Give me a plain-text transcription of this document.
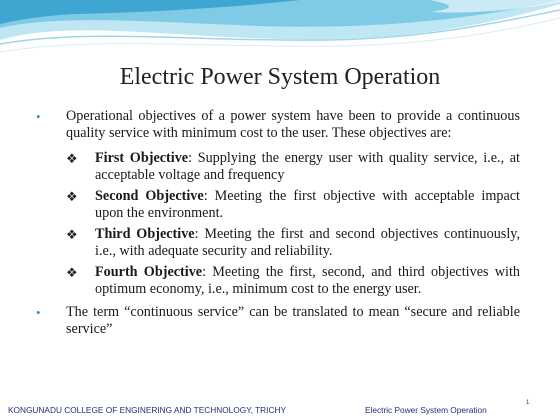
Electric Power System Operation
•	Operational objectives of a power system have been to provide a continuous quality service with minimum cost to the user. These objectives are:
❖	First Objective: Supplying the energy user with quality service, i.e., at acceptable voltage and frequency
❖	Second Objective: Meeting the first objective with acceptable impact upon the environment.
❖	Third Objective: Meeting the first and second objectives continuously, i.e., with adequate security and reliability.
❖	Fourth Objective: Meeting the first, second, and third objectives with optimum economy, i.e., minimum cost to the energy user.
•	The term “continuous service” can be translated to mean “secure and reliable service”
KONGUNADU COLLEGE OF ENGINERING AND TECHNOLOGY, TRICHY	Electric Power System Operation
1
